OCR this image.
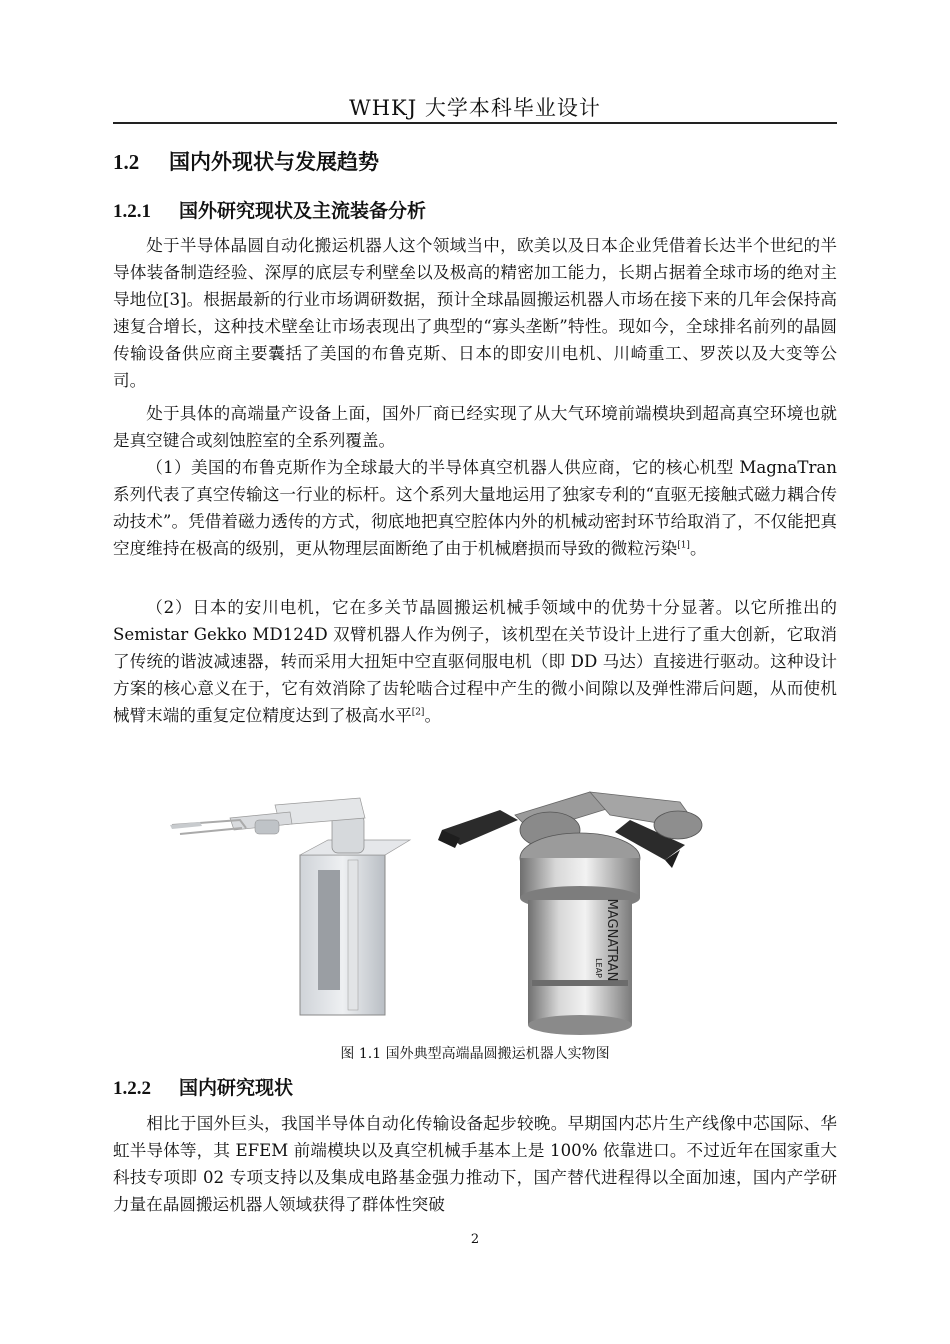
WHKJ 大学本科毕业设计
1.2 国内外现状与发展趋势
1.2.1 国外研究现状及主流装备分析
处于半导体晶圆自动化搬运机器人这个领域当中，欧美以及日本企业凭借着长达半个世纪的半导体装备制造经验、深厚的底层专利壁垒以及极高的精密加工能力，长期占据着全球市场的绝对主导地位[3]。根据最新的行业市场调研数据，预计全球晶圆搬运机器人市场在接下来的几年会保持高速复合增长，这种技术壁垒让市场表现出了典型的“寡头垄断”特性。现如今，全球排名前列的晶圆传输设备供应商主要囊括了美国的布鲁克斯、日本的即安川电机、川崎重工、罗茨以及大变等公司。
处于具体的高端量产设备上面，国外厂商已经实现了从大气环境前端模块到超高真空环境也就是真空键合或刻蚀腔室的全系列覆盖。
（1）美国的布鲁克斯作为全球最大的半导体真空机器人供应商，它的核心机型 MagnaTran 系列代表了真空传输这一行业的标杆。这个系列大量地运用了独家专利的“直驱无接触式磁力耦合传动技术”。凭借着磁力透传的方式，彻底地把真空腔体内外的机械动密封环节给取消了，不仅能把真空度维持在极高的级别，更从物理层面断绝了由于机械磨损而导致的微粒污染[1]。
（2）日本的安川电机，它在多关节晶圆搬运机械手领域中的优势十分显著。以它所推出的 Semistar Gekko MD124D 双臂机器人作为例子，该机型在关节设计上进行了重大创新，它取消了传统的谐波减速器，转而采用大扭矩中空直驱伺服电机（即 DD 马达）直接进行驱动。这种设计方案的核心意义在于，它有效消除了齿轮啮合过程中产生的微小间隙以及弹性滞后问题，从而使机械臂末端的重复定位精度达到了极高水平[2]。
MAGNATRAN
LEAP
图 1.1 国外典型高端晶圆搬运机器人实物图
1.2.2 国内研究现状
相比于国外巨头，我国半导体自动化传输设备起步较晚。早期国内芯片生产线像中芯国际、华虹半导体等，其 EFEM 前端模块以及真空机械手基本上是 100% 依靠进口。不过近年在国家重大科技专项即 02 专项支持以及集成电路基金强力推动下，国产替代进程得以全面加速，国内产学研力量在晶圆搬运机器人领域获得了群体性突破
2
